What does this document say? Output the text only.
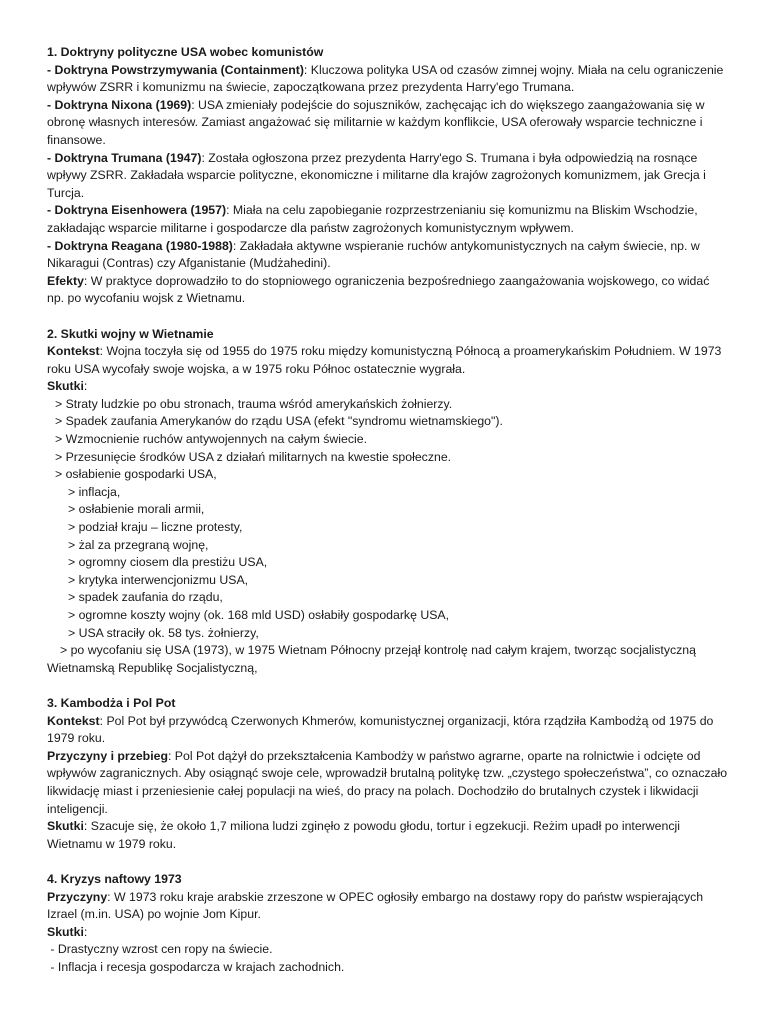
1. Doktryny polityczne USA wobec komunistów

- Doktryna Powstrzymywania (Containment): Kluczowa polityka USA od czasów zimnej wojny. Miała na celu ograniczenie wpływów ZSRR i komunizmu na świecie, zapoczątkowana przez prezydenta Harry'ego Trumana.

- Doktryna Nixona (1969): USA zmieniały podejście do sojuszników, zachęcając ich do większego zaangażowania się w obronę własnych interesów. Zamiast angażować się militarnie w każdym konflikcie, USA oferowały wsparcie techniczne i finansowe.

- Doktryna Trumana (1947): Została ogłoszona przez prezydenta Harry'ego S. Trumana i była odpowiedzią na rosnące wpływy ZSRR. Zakładała wsparcie polityczne, ekonomiczne i militarne dla krajów zagrożonych komunizmem, jak Grecja i Turcja.

- Doktryna Eisenhowera (1957): Miała na celu zapobieganie rozprzestrzenianiu się komunizmu na Bliskim Wschodzie, zakładając wsparcie militarne i gospodarcze dla państw zagrożonych komunistycznym wpływem.

- Doktryna Reagana (1980-1988): Zakładała aktywne wspieranie ruchów antykomunistycznych na całym świecie, np. w Nikaragui (Contras) czy Afganistanie (Mudżahedini).

Efekty: W praktyce doprowadziło to do stopniowego ograniczenia bezpośredniego zaangażowania wojskowego, co widać np. po wycofaniu wojsk z Wietnamu.

2. Skutki wojny w Wietnamie

Kontekst: Wojna toczyła się od 1955 do 1975 roku między komunistyczną Północą a proamerykańskim Południem. W 1973 roku USA wycofały swoje wojska, a w 1975 roku Północ ostatecznie wygrała.

Skutki:

> Straty ludzkie po obu stronach, trauma wśród amerykańskich żołnierzy.

> Spadek zaufania Amerykanów do rządu USA (efekt "syndromu wietnamskiego").

> Wzmocnienie ruchów antywojennych na całym świecie.

> Przesunięcie środków USA z działań militarnych na kwestie społeczne.

> osłabienie gospodarki USA,

> inflacja,

> osłabienie morali armii,

> podział kraju – liczne protesty,

> żal za przegraną wojnę,

> ogromny ciosem dla prestiżu USA,

> krytyka interwencjonizmu USA,

> spadek zaufania do rządu,

> ogromne koszty wojny (ok. 168 mld USD) osłabiły gospodarkę USA,

> USA straciły ok. 58 tys. żołnierzy,

> po wycofaniu się USA (1973), w 1975 Wietnam Północny przejął kontrolę nad całym krajem, tworząc socjalistyczną Wietnamską Republikę Socjalistyczną,

3. Kambodża i Pol Pot

Kontekst: Pol Pot był przywódcą Czerwonych Khmerów, komunistycznej organizacji, która rządziła Kambodżą od 1975 do 1979 roku.

Przyczyny i przebieg: Pol Pot dążył do przekształcenia Kambodży w państwo agrarne, oparte na rolnictwie i odcięte od wpływów zagranicznych. Aby osiągnąć swoje cele, wprowadził brutalną politykę tzw. „czystego społeczeństwa”, co oznaczało likwidację miast i przeniesienie całej populacji na wieś, do pracy na polach. Dochodziło do brutalnych czystek i likwidacji inteligencji.

Skutki: Szacuje się, że około 1,7 miliona ludzi zginęło z powodu głodu, tortur i egzekucji. Reżim upadł po interwencji Wietnamu w 1979 roku.

4. Kryzys naftowy 1973

Przyczyny: W 1973 roku kraje arabskie zrzeszone w OPEC ogłosiły embargo na dostawy ropy do państw wspierających Izrael (m.in. USA) po wojnie Jom Kipur.

Skutki:

- Drastyczny wzrost cen ropy na świecie.

- Inflacja i recesja gospodarcza w krajach zachodnich.
